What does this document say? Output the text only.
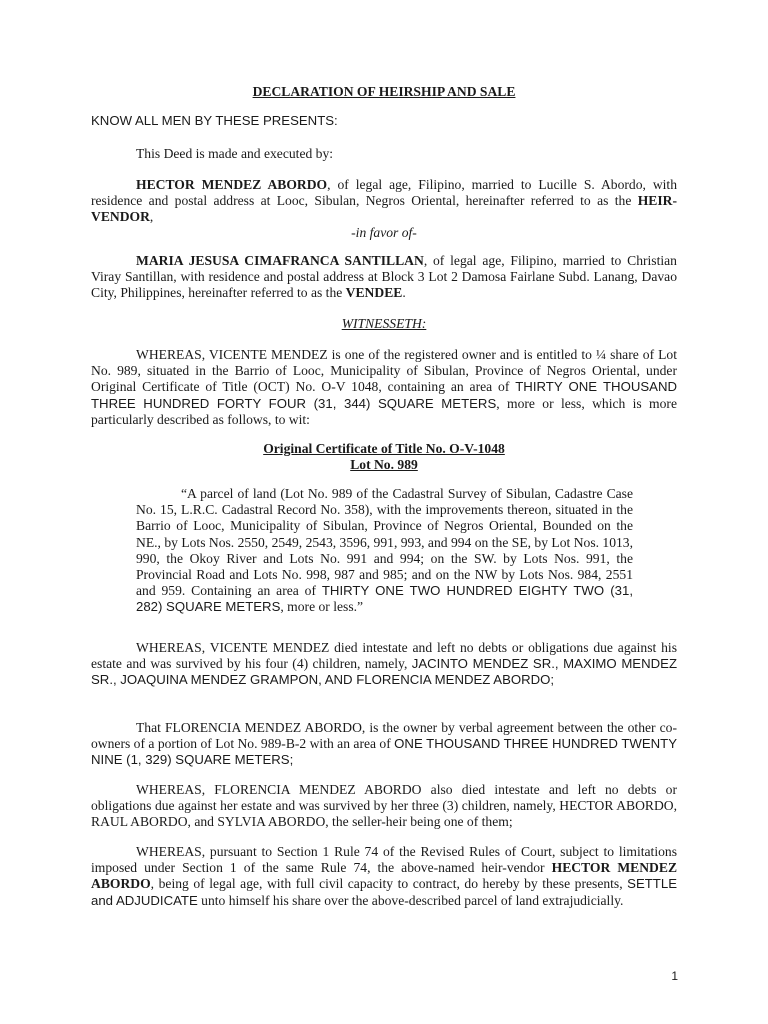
DECLARATION OF HEIRSHIP AND SALE
KNOW ALL MEN BY THESE PRESENTS:
This Deed is made and executed by:
HECTOR MENDEZ ABORDO, of legal age, Filipino, married to Lucille S. Abordo, with residence and postal address at Looc, Sibulan, Negros Oriental, hereinafter referred to as the HEIR-VENDOR,
-in favor of-
MARIA JESUSA CIMAFRANCA SANTILLAN, of legal age, Filipino, married to Christian Viray Santillan, with residence and postal address at Block 3 Lot 2 Damosa Fairlane Subd. Lanang, Davao City, Philippines, hereinafter referred to as the VENDEE.
WITNESSETH:
WHEREAS, VICENTE MENDEZ is one of the registered owner and is entitled to ¼ share of Lot No. 989, situated in the Barrio of Looc, Municipality of Sibulan, Province of Negros Oriental, under Original Certificate of Title (OCT) No. O-V 1048, containing an area of THIRTY ONE THOUSAND THREE HUNDRED FORTY FOUR (31, 344) SQUARE METERS, more or less, which is more particularly described as follows, to wit:
Original Certificate of Title No. O-V-1048
Lot No. 989
“A parcel of land (Lot No. 989 of the Cadastral Survey of Sibulan, Cadastre Case No. 15, L.R.C. Cadastral Record No. 358), with the improvements thereon, situated in the Barrio of Looc, Municipality of Sibulan, Province of Negros Oriental, Bounded on the NE., by Lots Nos. 2550, 2549, 2543, 3596, 991, 993, and 994 on the SE, by Lot Nos. 1013, 990, the Okoy River and Lots No. 991 and 994; on the SW. by Lots Nos. 991, the Provincial Road and Lots No. 998, 987 and 985; and on the NW by Lots Nos. 984, 2551 and 959. Containing an area of THIRTY ONE TWO HUNDRED EIGHTY TWO (31, 282) SQUARE METERS, more or less.”
WHEREAS, VICENTE MENDEZ died intestate and left no debts or obligations due against his estate and was survived by his four (4) children, namely, JACINTO MENDEZ SR., MAXIMO MENDEZ SR., JOAQUINA MENDEZ GRAMPON, AND FLORENCIA MENDEZ ABORDO;
That FLORENCIA MENDEZ ABORDO, is the owner by verbal agreement between the other co-owners of a portion of Lot No. 989-B-2 with an area of ONE THOUSAND THREE HUNDRED TWENTY NINE (1, 329) SQUARE METERS;
WHEREAS, FLORENCIA MENDEZ ABORDO also died intestate and left no debts or obligations due against her estate and was survived by her three (3) children, namely, HECTOR ABORDO, RAUL ABORDO, and SYLVIA ABORDO, the seller-heir being one of them;
WHEREAS, pursuant to Section 1 Rule 74 of the Revised Rules of Court, subject to limitations imposed under Section 1 of the same Rule 74, the above-named heir-vendor HECTOR MENDEZ ABORDO, being of legal age, with full civil capacity to contract, do hereby by these presents, SETTLE and ADJUDICATE unto himself his share over the above-described parcel of land extrajudicially.
1
